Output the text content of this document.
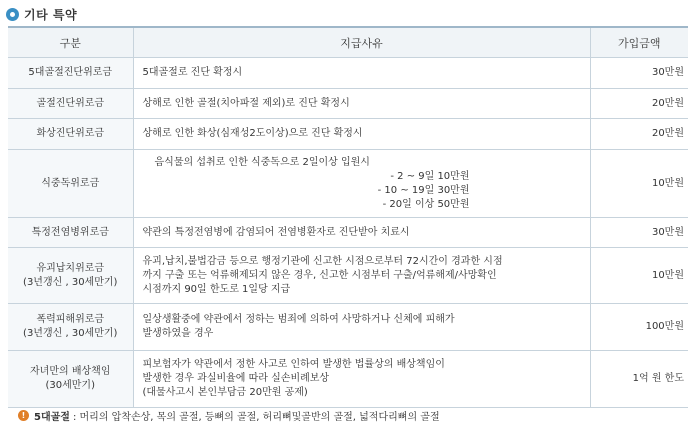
기타 특약
구분	지급사유	가입금액

5대골절진단위로금	5대골절로 진단 확정시	30만원

골절진단위로금	상해로 인한 골절(치아파절 제외)로 진단 확정시	20만원

화상진단위로금	상해로 인한 화상(심재성2도이상)으로 진단 확정시	20만원

식중독위로금	음식물의 섭취로 인한 식중독으로 2일이상 입원시
- 2 ~ 9일 10만원
- 10 ~ 19일 30만원
- 20일 이상 50만원	10만원

특정전염병위로금	약관의 특정전염병에 감염되어 전염병환자로 진단받아 치료시	30만원

유괴납치위로금
(3년갱신 , 30세만기)	유괴,납치,불법감금 등으로 행정기관에 신고한 시점으로부터 72시간이 경과한 시점
까지 구출 또는 억류해제되지 않은 경우, 신고한 시점부터 구출/억류해제/사망확인
시점까지 90일 한도로 1일당 지급	10만원

폭력피해위로금
(3년갱신 , 30세만기)	일상생활중에 약관에서 정하는 범죄에 의하여 사망하거나 신체에 피해가
발생하였을 경우	100만원

자녀만의 배상책임
(30세만기)	피보험자가 약관에서 정한 사고로 인하여 발생한 법률상의 배상책임이
발생한 경우 과실비율에 따라 실손비례보상
(대물사고시 본인부담금 20만원 공제)	1억 원 한도
! 5대골절 : 머리의 압착손상, 목의 골절, 등뼈의 골절, 허리뼈및골반의 골절, 넓적다리뼈의 골절
